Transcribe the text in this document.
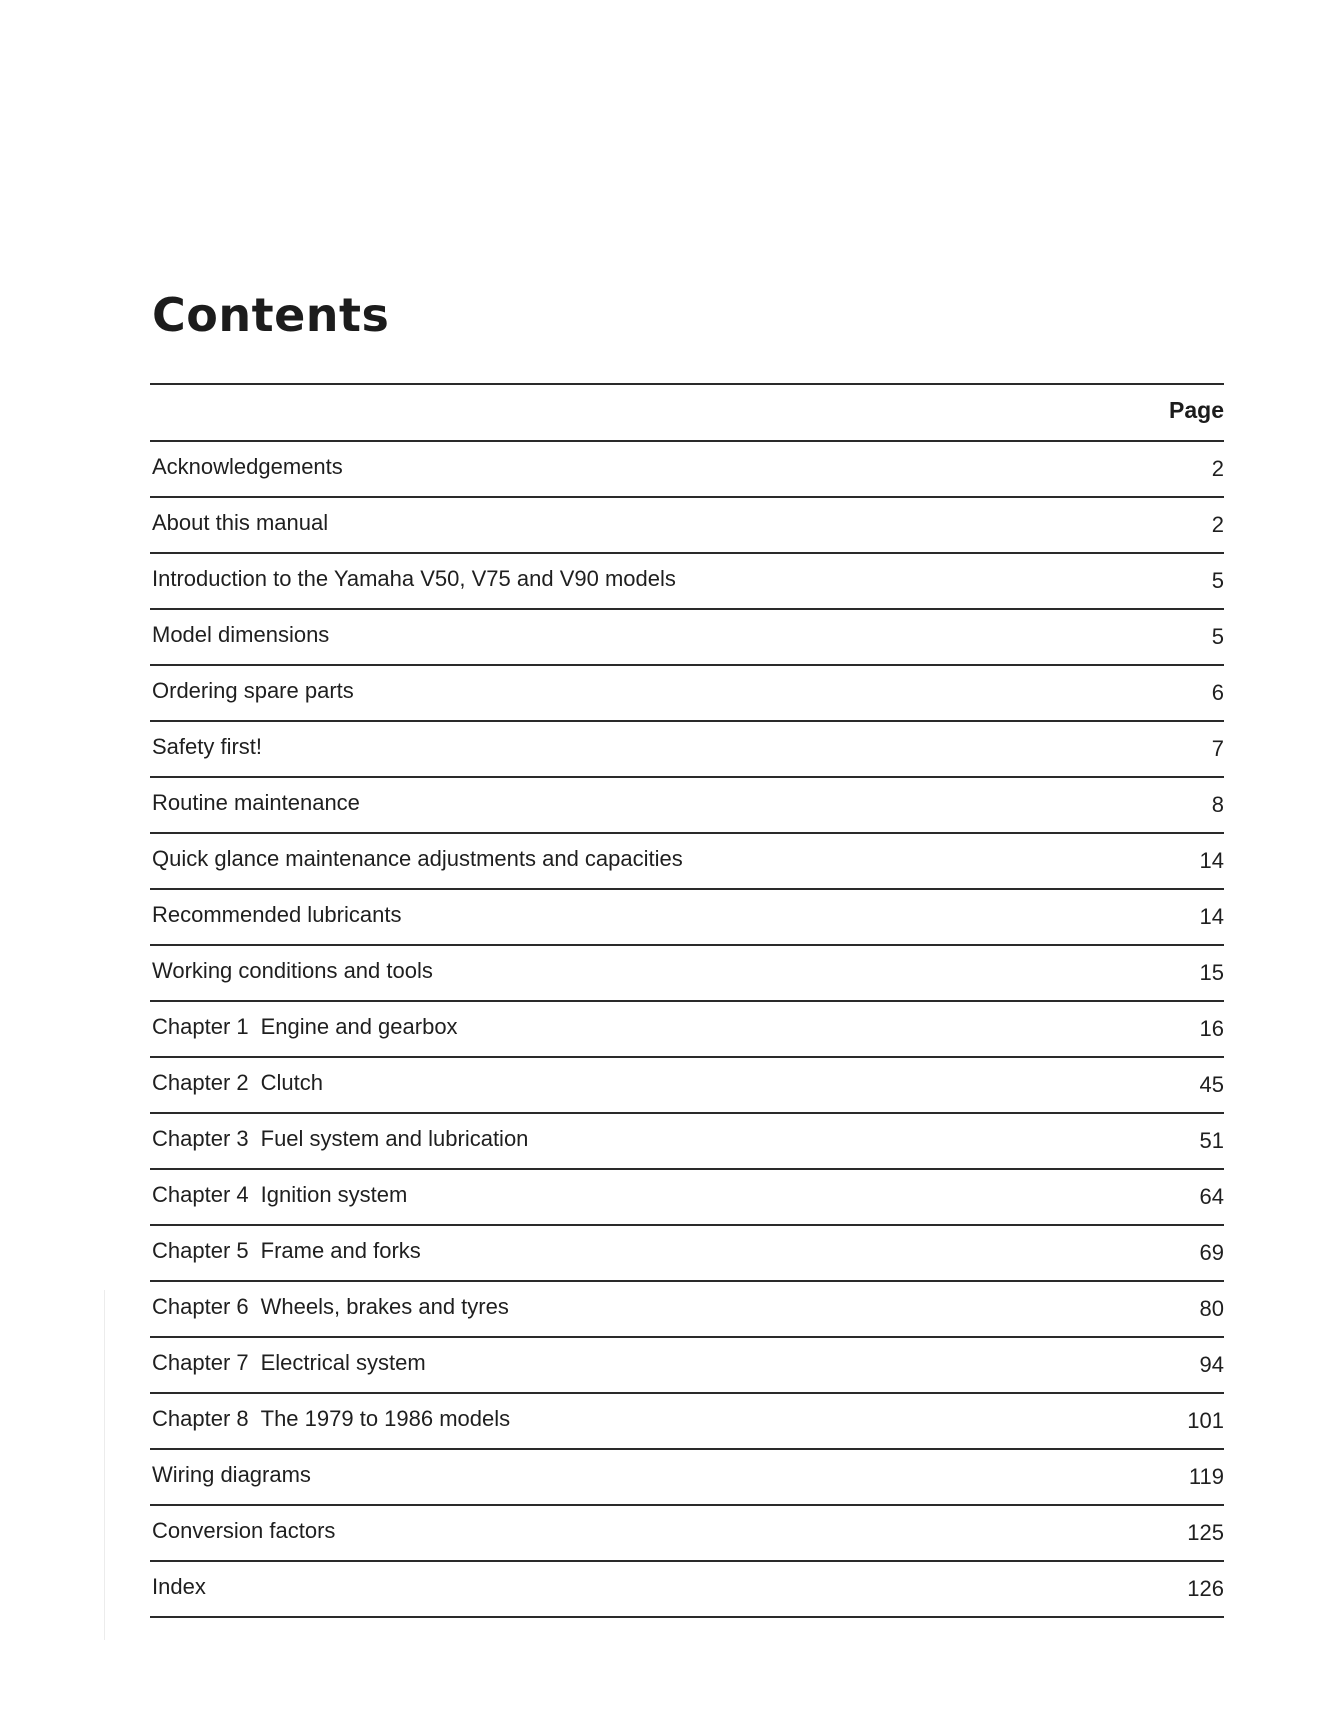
Contents
Page
Acknowledgements	2
About this manual	2
Introduction to the Yamaha V50, V75 and V90 models	5
Model dimensions	5
Ordering spare parts	6
Safety first!	7
Routine maintenance	8
Quick glance maintenance adjustments and capacities	14
Recommended lubricants	14
Working conditions and tools	15
Chapter 1 Engine and gearbox	16
Chapter 2 Clutch	45
Chapter 3 Fuel system and lubrication	51
Chapter 4 Ignition system	64
Chapter 5 Frame and forks	69
Chapter 6 Wheels, brakes and tyres	80
Chapter 7 Electrical system	94
Chapter 8 The 1979 to 1986 models	101
Wiring diagrams	119
Conversion factors	125
Index	126
